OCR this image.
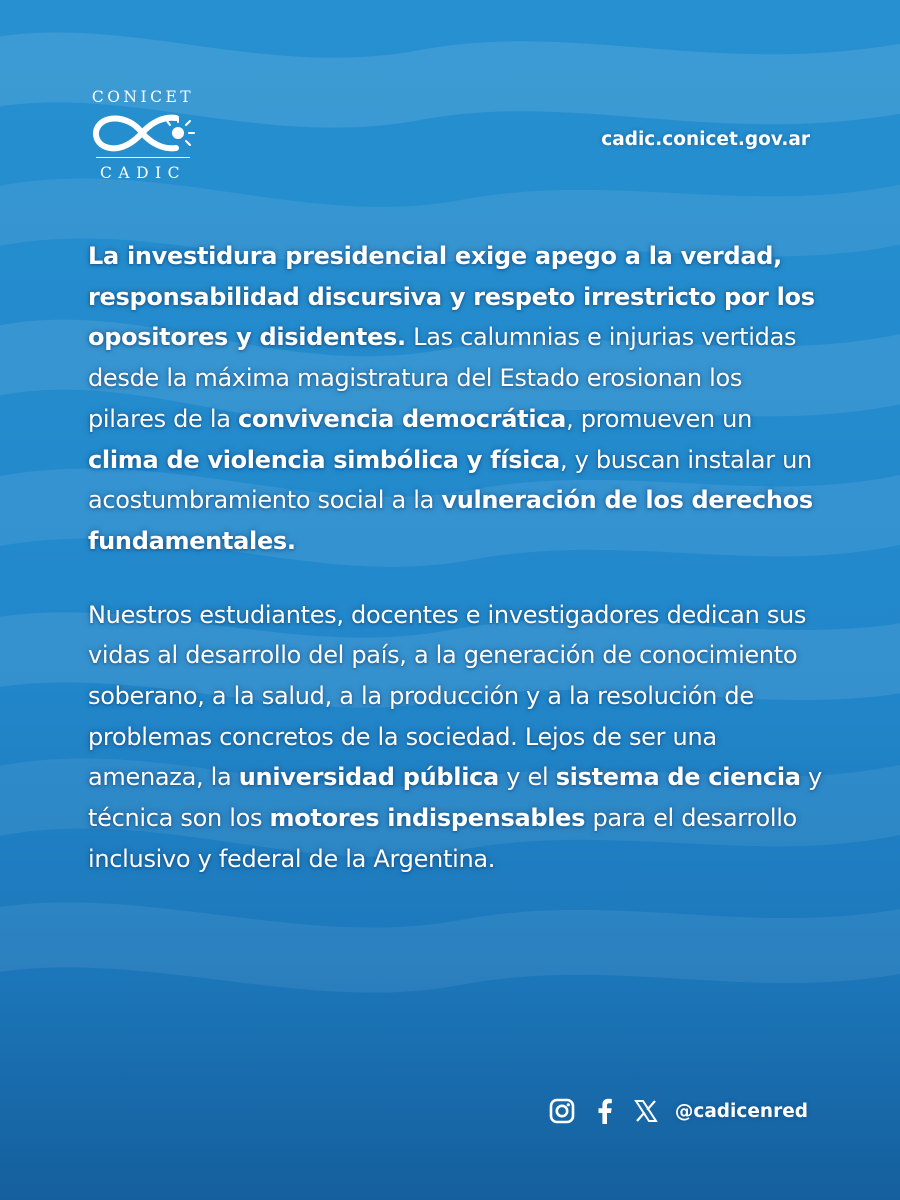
CONICET
CADIC
cadic.conicet.gov.ar

La investidura presidencial exige apego a la verdad, responsabilidad discursiva y respeto irrestricto por los opositores y disidentes. Las calumnias e injurias vertidas desde la máxima magistratura del Estado erosionan los pilares de la convivencia democrática, promueven un clima de violencia simbólica y física, y buscan instalar un acostumbramiento social a la vulneración de los derechos fundamentales.

Nuestros estudiantes, docentes e investigadores dedican sus vidas al desarrollo del país, a la generación de conocimiento soberano, a la salud, a la producción y a la resolución de problemas concretos de la sociedad. Lejos de ser una amenaza, la universidad pública y el sistema de ciencia y técnica son los motores indispensables para el desarrollo inclusivo y federal de la Argentina.

@cadicenred
